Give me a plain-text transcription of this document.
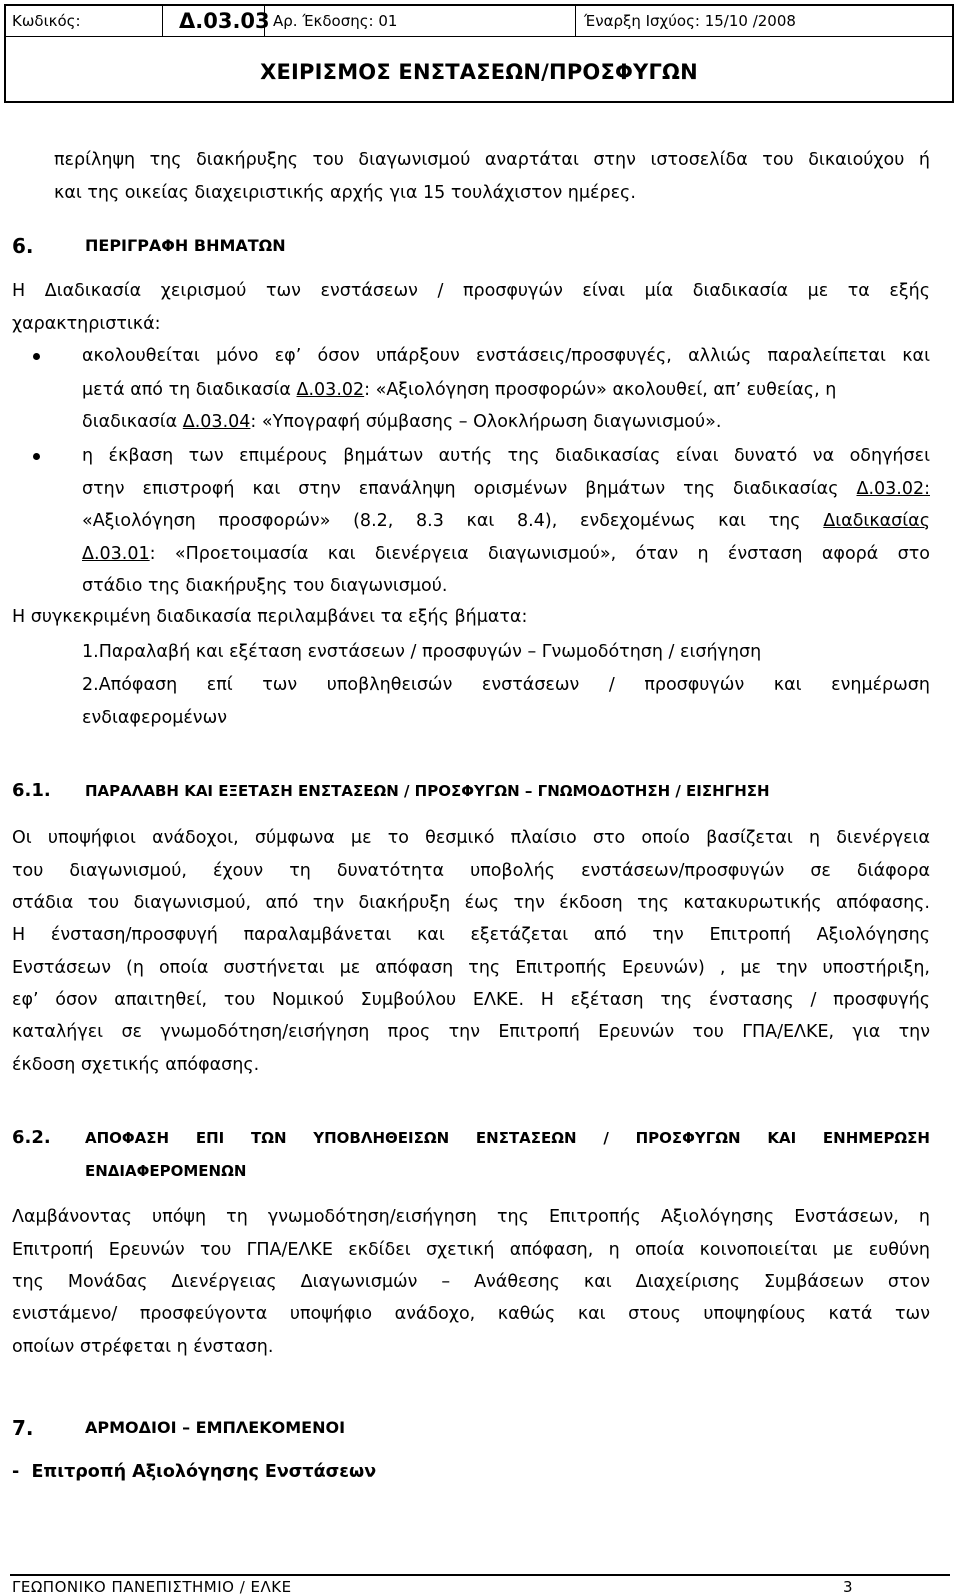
Κωδικός:	Δ.03.03 Αρ. Έκδοσης: 01	Έναρξη Ισχύος: 15/10 /2008
ΧΕΙΡΙΣΜΟΣ ΕΝΣΤΑΣΕΩΝ/ΠΡΟΣΦΥΓΩΝ
περίληψη της διακήρυξης του διαγωνισμού αναρτάται στην ιστοσελίδα του δικαιούχου ή
και της οικείας διαχειριστικής αρχής για 15 τουλάχιστον ημέρες.
6.	ΠΕΡΙΓΡΑΦΗ ΒΗΜΑΤΩΝ
Η Διαδικασία χειρισμού των ενστάσεων / προσφυγών είναι μία διαδικασία με τα εξής
χαρακτηριστικά:
ακολουθείται μόνο εφ’ όσον υπάρξουν ενστάσεις/προσφυγές, αλλιώς παραλείπεται και
μετά από τη διαδικασία Δ.03.02: «Αξιολόγηση προσφορών» ακολουθεί, απ’ ευθείας, η
διαδικασία Δ.03.04: «Υπογραφή σύμβασης – Ολοκλήρωση διαγωνισμού».
η έκβαση των επιμέρους βημάτων αυτής της διαδικασίας είναι δυνατό να οδηγήσει
στην επιστροφή και στην επανάληψη ορισμένων βημάτων της διαδικασίας Δ.03.02:
«Αξιολόγηση προσφορών» (8.2, 8.3 και 8.4), ενδεχομένως και της Διαδικασίας
Δ.03.01: «Προετοιμασία και διενέργεια διαγωνισμού», όταν η ένσταση αφορά στο
στάδιο της διακήρυξης του διαγωνισμού.
Η συγκεκριμένη διαδικασία περιλαμβάνει τα εξής βήματα:
1.Παραλαβή και εξέταση ενστάσεων / προσφυγών – Γνωμοδότηση / εισήγηση
2.Απόφαση επί των υποβληθεισών ενστάσεων / προσφυγών και ενημέρωση
ενδιαφερομένων
6.1. ΠΑΡΑΛΑΒΗ ΚΑΙ ΕΞΕΤΑΣΗ ΕΝΣΤΑΣΕΩΝ / ΠΡΟΣΦΥΓΩΝ – ΓΝΩΜΟΔΟΤΗΣΗ / ΕΙΣΗΓΗΣΗ
Οι υποψήφιοι ανάδοχοι, σύμφωνα με το θεσμικό πλαίσιο στο οποίο βασίζεται η διενέργεια
του διαγωνισμού, έχουν τη δυνατότητα υποβολής ενστάσεων/προσφυγών σε διάφορα
στάδια του διαγωνισμού, από την διακήρυξη έως την έκδοση της κατακυρωτικής απόφασης.
Η ένσταση/προσφυγή παραλαμβάνεται και εξετάζεται από την Επιτροπή Αξιολόγησης
Ενστάσεων (η οποία συστήνεται με απόφαση της Επιτροπής Ερευνών) , με την υποστήριξη,
εφ’ όσον απαιτηθεί, του Νομικού Συμβούλου ΕΛΚΕ. Η εξέταση της ένστασης / προσφυγής
καταλήγει σε γνωμοδότηση/εισήγηση προς την Επιτροπή Ερευνών του ΓΠΑ/ΕΛΚΕ, για την
έκδοση σχετικής απόφασης.
6.2. ΑΠΟΦΑΣΗ ΕΠΙ ΤΩΝ ΥΠΟΒΛΗΘΕΙΣΩΝ ΕΝΣΤΑΣΕΩΝ / ΠΡΟΣΦΥΓΩΝ ΚΑΙ ΕΝΗΜΕΡΩΣΗ
ΕΝΔΙΑΦΕΡΟΜΕΝΩΝ
Λαμβάνοντας υπόψη τη γνωμοδότηση/εισήγηση της Επιτροπής Αξιολόγησης Ενστάσεων, η
Επιτροπή Ερευνών του ΓΠΑ/ΕΛΚΕ εκδίδει σχετική απόφαση, η οποία κοινοποιείται με ευθύνη
της Μονάδας Διενέργειας Διαγωνισμών – Ανάθεσης και Διαχείρισης Συμβάσεων στον
ενιστάμενο/ προσφεύγοντα υποψήφιο ανάδοχο, καθώς και στους υποψηφίους κατά των
οποίων στρέφεται η ένσταση.
7.	ΑΡΜΟΔΙΟΙ – ΕΜΠΛΕΚΟΜΕΝΟΙ
-  Επιτροπή Αξιολόγησης Ενστάσεων
ΓΕΩΠΟΝΙΚΟ ΠΑΝΕΠΙΣΤΗΜΙΟ / ΕΛΚΕ	3
